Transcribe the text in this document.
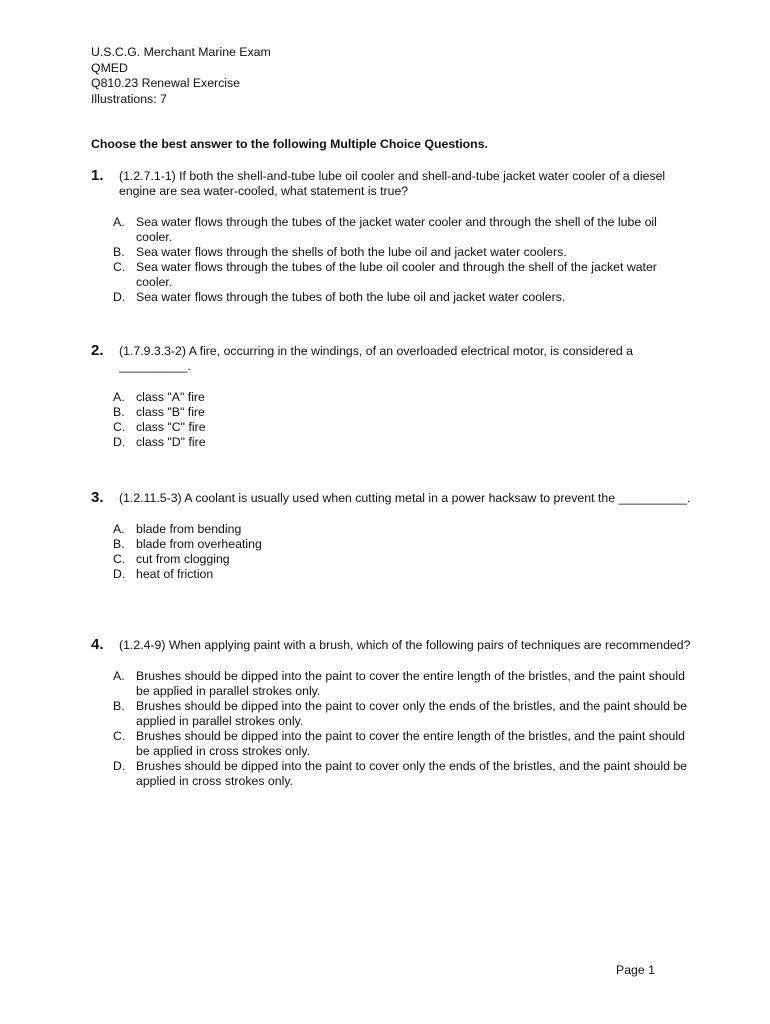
U.S.C.G. Merchant Marine Exam
QMED
Q810.23 Renewal Exercise
Illustrations: 7
Choose the best answer to the following Multiple Choice Questions.
1. (1.2.7.1-1) If both the shell-and-tube lube oil cooler and shell-and-tube jacket water cooler of a diesel engine are sea water-cooled, what statement is true?
A. Sea water flows through the tubes of the jacket water cooler and through the shell of the lube oil cooler.
B. Sea water flows through the shells of both the lube oil and jacket water coolers.
C. Sea water flows through the tubes of the lube oil cooler and through the shell of the jacket water cooler.
D. Sea water flows through the tubes of both the lube oil and jacket water coolers.
2. (1.7.9.3.3-2) A fire, occurring in the windings, of an overloaded electrical motor, is considered a __________.
A. class "A" fire
B. class "B" fire
C. class "C" fire
D. class "D" fire
3. (1.2.11.5-3) A coolant is usually used when cutting metal in a power hacksaw to prevent the __________.
A. blade from bending
B. blade from overheating
C. cut from clogging
D. heat of friction
4. (1.2.4-9) When applying paint with a brush, which of the following pairs of techniques are recommended?
A. Brushes should be dipped into the paint to cover the entire length of the bristles, and the paint should be applied in parallel strokes only.
B. Brushes should be dipped into the paint to cover only the ends of the bristles, and the paint should be applied in parallel strokes only.
C. Brushes should be dipped into the paint to cover the entire length of the bristles, and the paint should be applied in cross strokes only.
D. Brushes should be dipped into the paint to cover only the ends of the bristles, and the paint should be applied in cross strokes only.
Page 1
